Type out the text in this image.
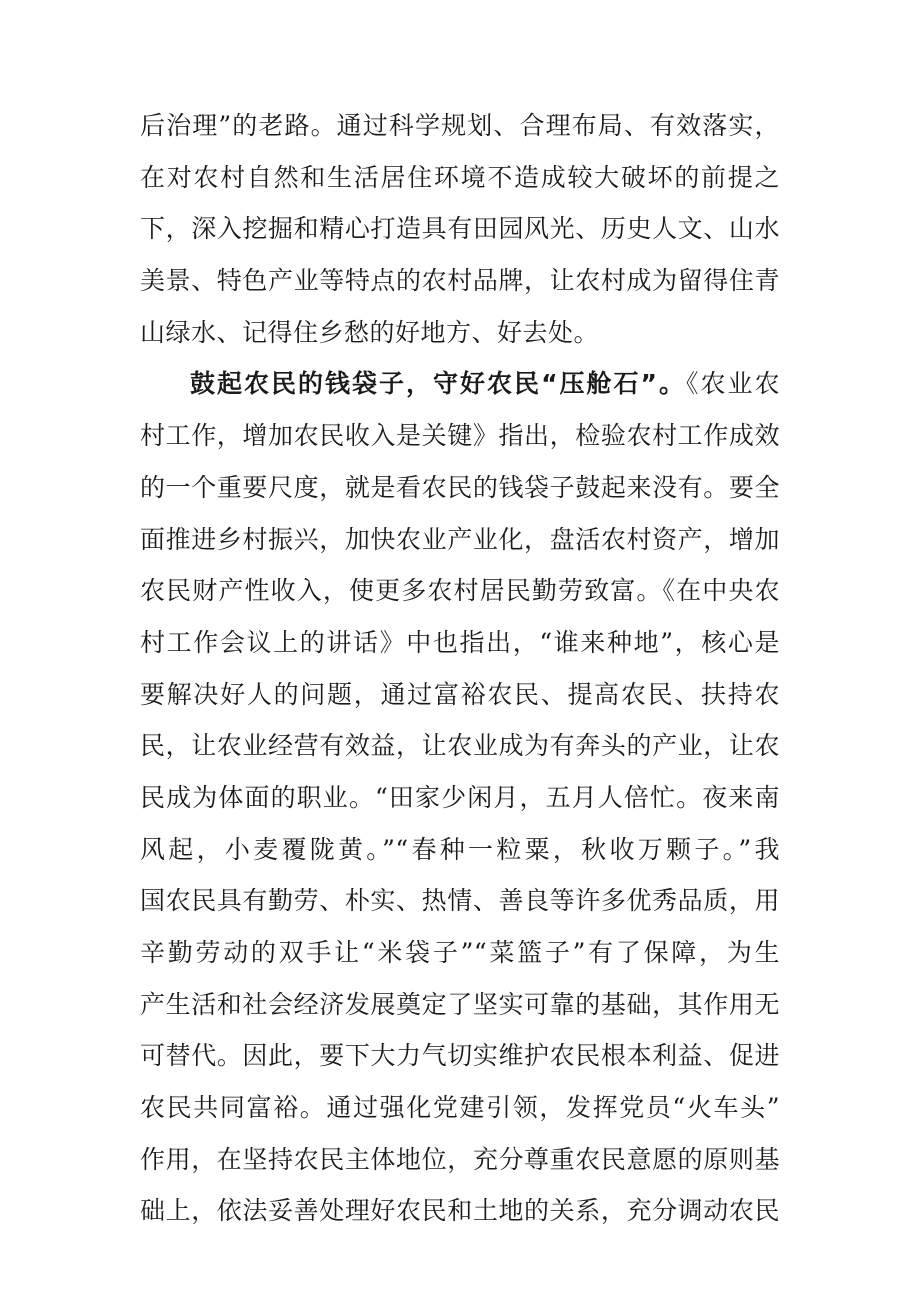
后治理”的老路。通过科学规划、合理布局、有效落实，
在对农村自然和生活居住环境不造成较大破坏的前提之
下，深入挖掘和精心打造具有田园风光、历史人文、山水
美景、特色产业等特点的农村品牌，让农村成为留得住青
山绿水、记得住乡愁的好地方、好去处。
鼓起农民的钱袋子，守好农民“压舱石”。《农业农
村工作，增加农民收入是关键》指出，检验农村工作成效
的一个重要尺度，就是看农民的钱袋子鼓起来没有。要全
面推进乡村振兴，加快农业产业化，盘活农村资产，增加
农民财产性收入，使更多农村居民勤劳致富。《在中央农
村工作会议上的讲话》中也指出，“谁来种地”，核心是
要解决好人的问题，通过富裕农民、提高农民、扶持农
民，让农业经营有效益，让农业成为有奔头的产业，让农
民成为体面的职业。“田家少闲月，五月人倍忙。夜来南
风起，小麦覆陇黄。”“春种一粒粟，秋收万颗子。”我
国农民具有勤劳、朴实、热情、善良等许多优秀品质，用
辛勤劳动的双手让“米袋子”“菜篮子”有了保障，为生
产生活和社会经济发展奠定了坚实可靠的基础，其作用无
可替代。因此，要下大力气切实维护农民根本利益、促进
农民共同富裕。通过强化党建引领，发挥党员“火车头”
作用，在坚持农民主体地位，充分尊重农民意愿的原则基
础上，依法妥善处理好农民和土地的关系，充分调动农民
